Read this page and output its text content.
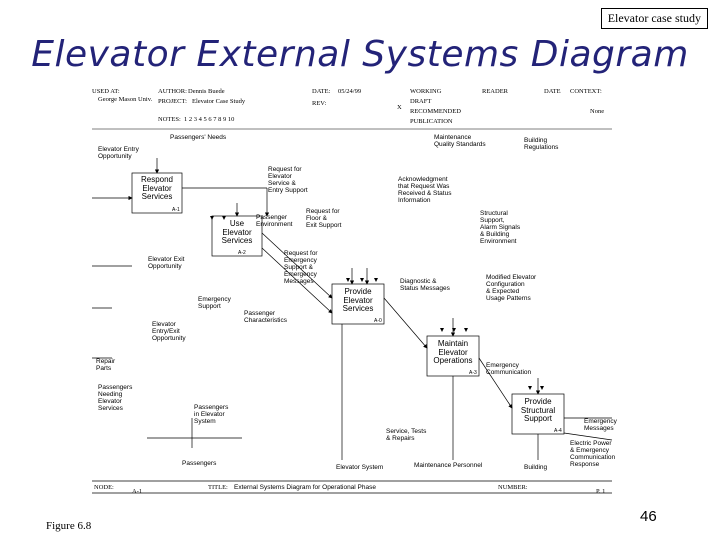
Elevator case study
Elevator External Systems Diagram
USED AT:
George Mason Univ.
AUTHOR: Dennis Buede
PROJECT: Elevator Case Study
NOTES: 1 2 3 4 5 6 7 8 9 10
DATE: 05/24/99
REV:
X
WORKING
DRAFT
RECOMMENDED
PUBLICATION
READER	DATE CONTEXT:
None
Respond
Elevator
Services
A-1
Use
Elevator
Services
A-2
Provide
Elevator
Services
A-0
Maintain
Elevator
Operations
A-3
Provide
Structural
Support
A-4
Passengers' Needs	Maintenance
Quality Standards
Building
Regulations
Elevator Entry
Opportunity
Request for
Elevator
Service &
Entry Support
Acknowledgment
that Request Was
Received & Status
Information
Passenger
Environment
Request for
Floor &
Exit Support
Structural
Support,
Alarm Signals
& Building
Environment
Elevator Exit
Opportunity
Request for
Emergency
Support &
Emergency
Messages	Diagnostic &
Status Messages
Modified Elevator
Configuration
& Expected
Usage Patterns
Emergency
Support
Passenger
Characteristics
Elevator
Entry/Exit
Opportunity
Repair
Parts	Emergency
Communication
Passengers
Needing
Elevator
Services	Passengers
in Elevator
System	Emergency
Messages
Service, Tests
& Repairs
Electric Power
& Emergency
Communication
Response
Passengers
Elevator System	Maintenance Personnel	Building
NODE:
A-1
TITLE: External Systems Diagram for Operational Phase	NUMBER:
P. 1
Figure 6.8
46
